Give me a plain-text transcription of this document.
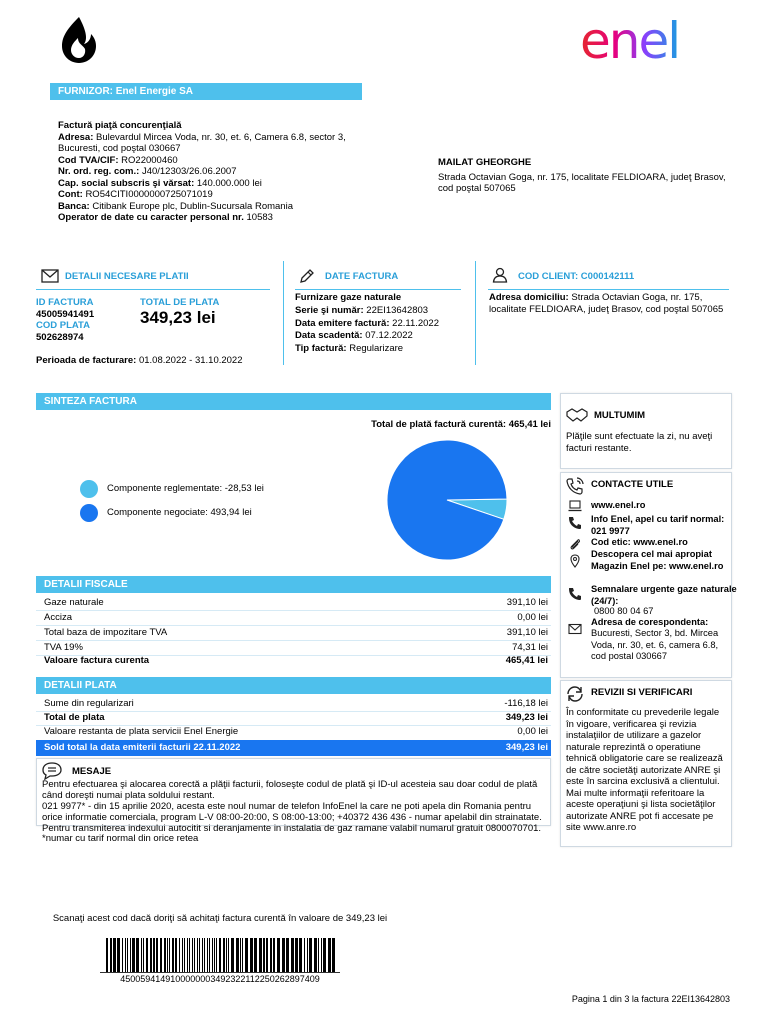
enel
FURNIZOR: Enel Energie SA
Factură piaţă concurenţială
Adresa: Bulevardul Mircea Voda, nr. 30, et. 6, Camera 6.8, sector 3, Bucuresti, cod poştal 030667
Cod TVA/CIF: RO22000460
Nr. ord. reg. com.: J40/12303/26.06.2007
Cap. social subscris şi vărsat: 140.000.000 lei
Cont: RO54CITI0000000725071019
Banca: Citibank Europe plc, Dublin-Sucursala Romania
Operator de date cu caracter personal nr. 10583
MAILAT GHEORGHE
Strada Octavian Goga, nr. 175, localitate FELDIOARA, judeţ Brasov, cod poştal 507065
DETALII NECESARE PLATII
ID FACTURA
45005941491
COD PLATA
502628974
TOTAL DE PLATA
349,23 lei
Perioada de facturare: 01.08.2022 - 31.10.2022
DATE FACTURA
Furnizare gaze naturale
Serie şi număr: 22EI13642803
Data emitere factură: 22.11.2022
Data scadentă: 07.12.2022
Tip factură: Regularizare
COD CLIENT: C000142111
Adresa domiciliu: Strada Octavian Goga, nr. 175, localitate FELDIOARA, judeţ Brasov, cod poştal 507065
SINTEZA FACTURA
Total de plată factură curentă: 465,41 lei
Componente reglementate: -28,53 lei
Componente negociate: 493,94 lei
DETALII FISCALE
Gaze naturale	391,10 lei
Acciza	0,00 lei
Total baza de impozitare TVA	391,10 lei
TVA 19%	74,31 lei
Valoare factura curenta	465,41 lei
DETALII PLATA
Sume din regularizari	-116,18 lei
Total de plata	349,23 lei
Valoare restanta de plata servicii Enel Energie	0,00 lei
Sold total la data emiterii facturii 22.11.2022	349,23 lei
MESAJE
Pentru efectuarea şi alocarea corectă a plăţii facturii, foloseşte codul de plată şi ID-ul acesteia sau doar codul de plată când doreşti numai plata soldului restant.
021 9977* - din 15 aprilie 2020, acesta este noul numar de telefon InfoEnel la care ne poti apela din Romania pentru orice informatie comerciala, program L-V 08:00-20:00, S 08:00-13:00; +40372 436 436 - numar apelabil din strainatate. Pentru transmiterea indexului autocitit si deranjamente in instalatia de gaz ramane valabil numarul gratuit 0800070701. *numar cu tarif normal din orice retea
MULTUMIM
Plăţile sunt efectuate la zi, nu aveţi facturi restante.
CONTACTE UTILE
www.enel.ro
Info Enel, apel cu tarif normal: 021 9977
Cod etic: www.enel.ro
Descopera cel mai apropiat Magazin Enel pe: www.enel.ro
Semnalare urgente gaze naturale (24/7):
0800 80 04 67
Adresa de corespondenta:
Bucuresti, Sector 3, bd. Mircea Voda, nr. 30, et. 6, camera 6.8, cod postal 030667
REVIZII SI VERIFICARI
În conformitate cu prevederile legale în vigoare, verificarea şi revizia instalaţiilor de utilizare a gazelor naturale reprezintă o operatiune tehnică obligatorie care se realizează de către societăţi autorizate ANRE şi este în sarcina exclusivă a clientului. Mai multe informaţii referitoare la aceste operaţiuni şi lista societăţilor autorizate ANRE pot fi accesate pe site www.anre.ro
Scanaţi acest cod dacă doriţi să achitaţi factura curentă în valoare de 349,23 lei
450059414910000000349232211225026289740​9
Pagina 1 din 3 la factura 22EI13642803
